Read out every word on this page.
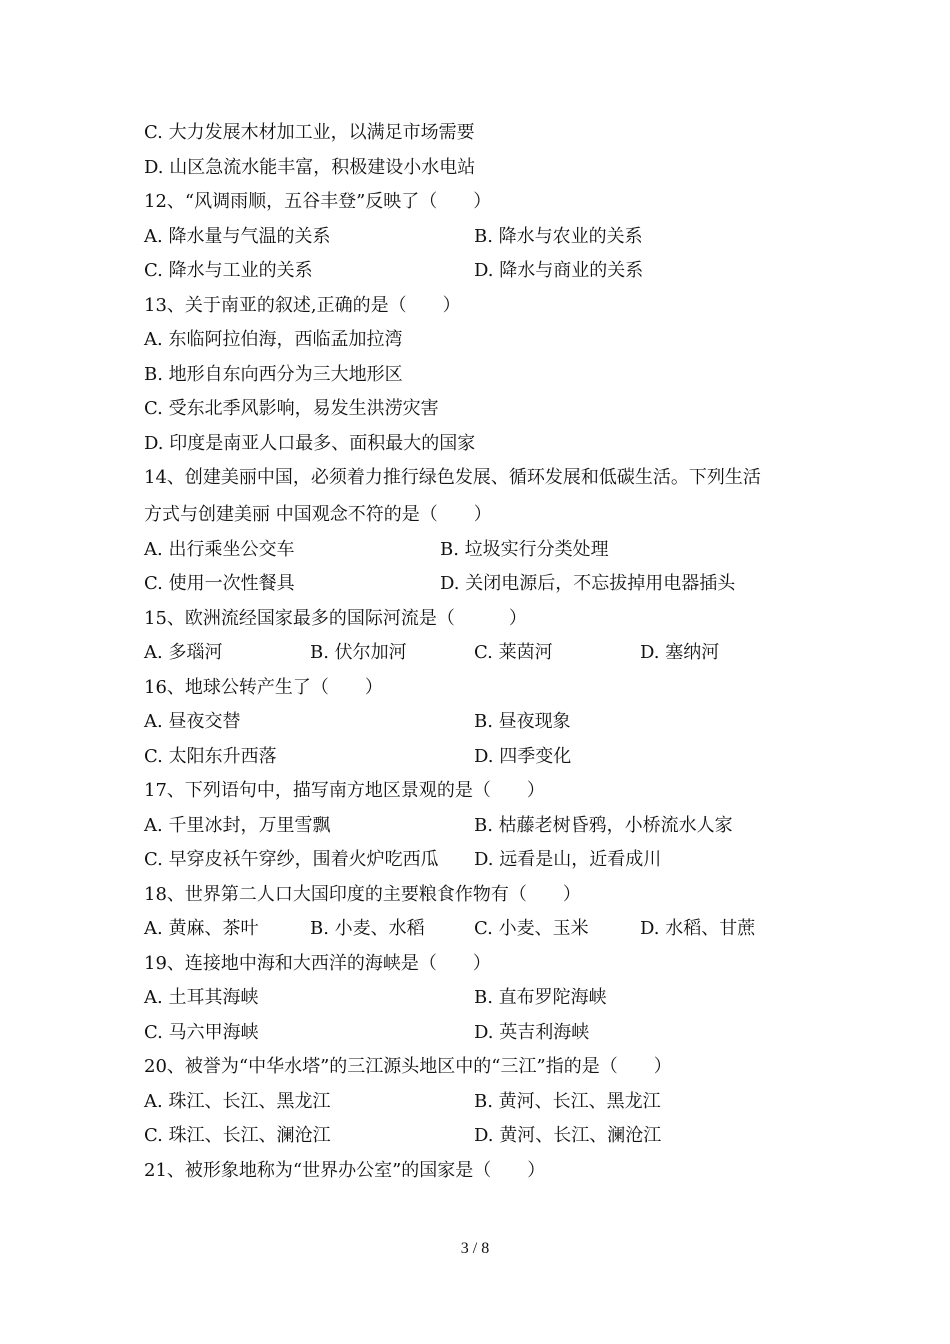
C. 大力发展木材加工业，以满足市场需要
D. 山区急流水能丰富，积极建设小水电站
12、“风调雨顺，五谷丰登”反映了（　　）

A. 降水量与气温的关系

	B. 降水与农业的关系

C. 降水与工业的关系

	D. 降水与商业的关系

13、关于南亚的叙述,正确的是（　　）
A. 东临阿拉伯海，西临孟加拉湾
B. 地形自东向西分为三大地形区
C. 受东北季风影响，易发生洪涝灾害
D. 印度是南亚人口最多、面积最大的国家
14、创建美丽中国，必须着力推行绿色发展、循环发展和低碳生活。下列生活
方式与创建美丽 中国观念不符的是（　　）

A. 出行乘坐公交车

	B. 垃圾实行分类处理

C. 使用一次性餐具

	D. 关闭电源后，不忘拔掉用电器插头

15、欧洲流经国家最多的国际河流是（　　　）

A. 多瑙河

	B. 伏尔加河

	C. 莱茵河

	D. 塞纳河

16、地球公转产生了（　　）

A. 昼夜交替

	B. 昼夜现象

C. 太阳东升西落

	D. 四季变化

17、下列语句中，描写南方地区景观的是（　　）

A. 千里冰封，万里雪飘

	B. 枯藤老树昏鸦，小桥流水人家

C. 早穿皮袄午穿纱，围着火炉吃西瓜

D. 远看是山，近看成川

18、世界第二人口大国印度的主要粮食作物有（　　）

A. 黄麻、茶叶

	B. 小麦、水稻

	C. 小麦、玉米

	D. 水稻、甘蔗

19、连接地中海和大西洋的海峡是（　　）

A. 土耳其海峡

	B. 直布罗陀海峡

C. 马六甲海峡

	D. 英吉利海峡

20、被誉为“中华水塔”的三江源头地区中的“三江”指的是（　　）

A. 珠江、长江、黑龙江

	B. 黄河、长江、黑龙江

C. 珠江、长江、澜沧江

	D. 黄河、长江、澜沧江

21、被形象地称为“世界办公室”的国家是（　　）
3 / 8
